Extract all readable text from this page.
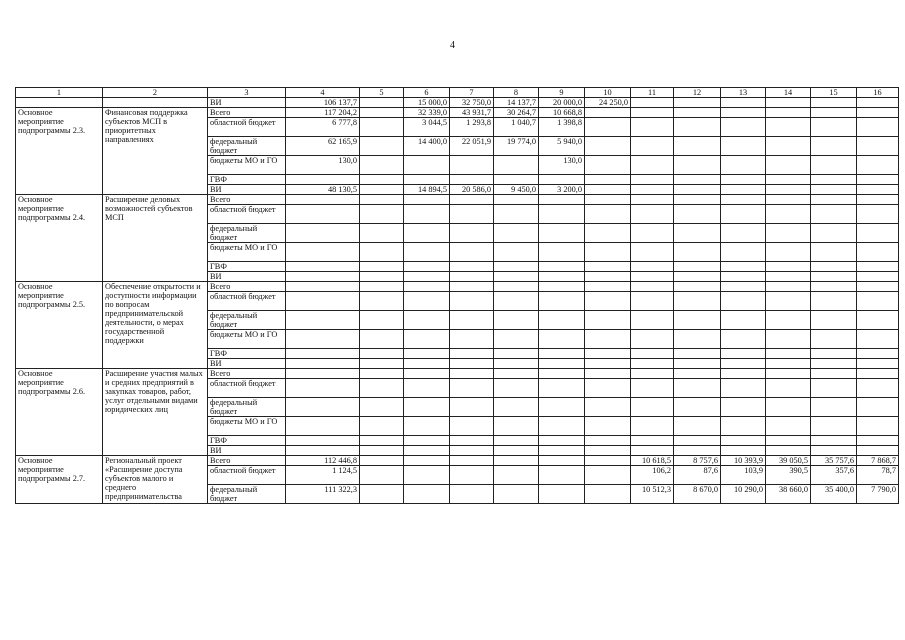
4
1	2	3	4	5	6	7	8	9	10	11	12	13	14	15	16
		ВИ	106 137,7		15 000,0	32 750,0	14 137,7	20 000,0	24 250,0						
Основное мероприятие подпрограммы 2.3.	Финансовая поддержка субъектов МСП в приоритетных направлениях	Всего	117 204,2		32 339,0	43 931,7	30 264,7	10 668,8							
		областной бюджет	6 777,8		3 044,5	1 293,8	1 040,7	1 398,8							
		федеральный бюджет	62 165,9		14 400,0	22 051,9	19 774,0	5 940,0							
		бюджеты МО и ГО	130,0					130,0							
		ГВФ													
		ВИ	48 130,5		14 894,5	20 586,0	9 450,0	3 200,0							
Основное мероприятие подпрограммы 2.4.	Расширение деловых возможностей субъектов МСП	Всего													
		областной бюджет													
		федеральный бюджет													
		бюджеты МО и ГО													
		ГВФ													
		ВИ													
Основное мероприятие подпрограммы 2.5.	Обеспечение открытости и доступности информации по вопросам предпринимательской деятельности, о мерах государственной поддержки	Всего													
		областной бюджет													
		федеральный бюджет													
		бюджеты МО и ГО													
		ГВФ													
		ВИ													
Основное мероприятие подпрограммы 2.6.	Расширение участия малых и средних предприятий в закупках товаров, работ, услуг отдельными видами юридических лиц	Всего													
		областной бюджет													
		федеральный бюджет													
		бюджеты МО и ГО													
		ГВФ													
		ВИ													
Основное мероприятие подпрограммы 2.7.	Региональный проект «Расширение доступа субъектов малого и среднего предпринимательства	Всего	112 446,8							10 618,5	8 757,6	10 393,9	39 050,5	35 757,6	7 868,7
		областной бюджет	1 124,5							106,2	87,6	103,9	390,5	357,6	78,7
		федеральный бюджет	111 322,3							10 512,3	8 670,0	10 290,0	38 660,0	35 400,0	7 790,0
